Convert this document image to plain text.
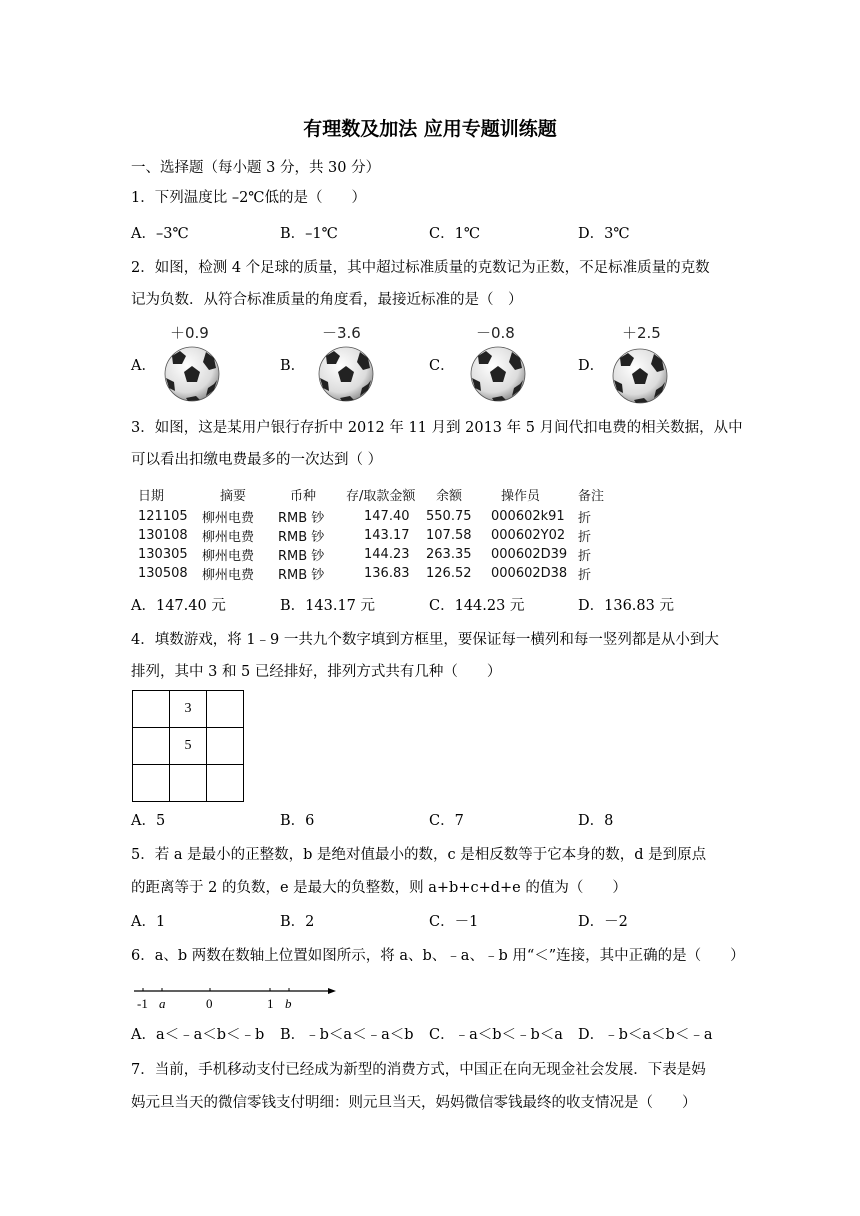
有理数及加法 应用专题训练题
一、选择题（每小题 3 分，共 30 分）
1．下列温度比 –2℃低的是（　　）
A．–3℃	B．–1℃	C．1℃	D．3℃
2．如图，检测 4 个足球的质量，其中超过标准质量的克数记为正数，不足标准质量的克数
记为负数．从符合标准质量的角度看，最接近标准的是（　）
A．	B．	C．	D．
＋0.9	－3.6	－0.8	＋2.5
3．如图，这是某用户银行存折中 2012 年 11 月到 2013 年 5 月间代扣电费的相关数据，从中
可以看出扣缴电费最多的一次达到（ ）
日期	摘要	币种	存/取款金额	余额	操作员	备注
121105	柳州电费	RMB 钞	147.40	550.75	000602k91	折
130108	柳州电费	RMB 钞	143.17	107.58	000602Y02	折
130305	柳州电费	RMB 钞	144.23	263.35	000602D39	折
130508	柳州电费	RMB 钞	136.83	126.52	000602D38	折
A．147.40 元	B．143.17 元	C．144.23 元	D．136.83 元
4．填数游戏，将 1﹣9 一共九个数字填到方框里，要保证每一横列和每一竖列都是从小到大
排列，其中 3 和 5 已经排好，排列方式共有几种（　　）
	3	
	5	

A．5	B．6	C．7	D．8
5．若 a 是最小的正整数，b 是绝对值最小的数，c 是相反数等于它本身的数，d 是到原点
的距离等于 2 的负数，e 是最大的负整数，则 a+b+c+d+e 的值为（　　）
A．1	B．2	C．－1	D．－2
6．a、b 两数在数轴上位置如图所示，将 a、b、﹣a、﹣b 用“＜”连接，其中正确的是（　　）
-1 a	0	1 b
A．a＜﹣a＜b＜﹣b B．﹣b＜a＜﹣a＜b C．﹣a＜b＜﹣b＜a D．﹣b＜a＜b＜﹣a
7．当前，手机移动支付已经成为新型的消费方式，中国正在向无现金社会发展．下表是妈
妈元旦当天的微信零钱支付明细：则元旦当天，妈妈微信零钱最终的收支情况是（　　）
